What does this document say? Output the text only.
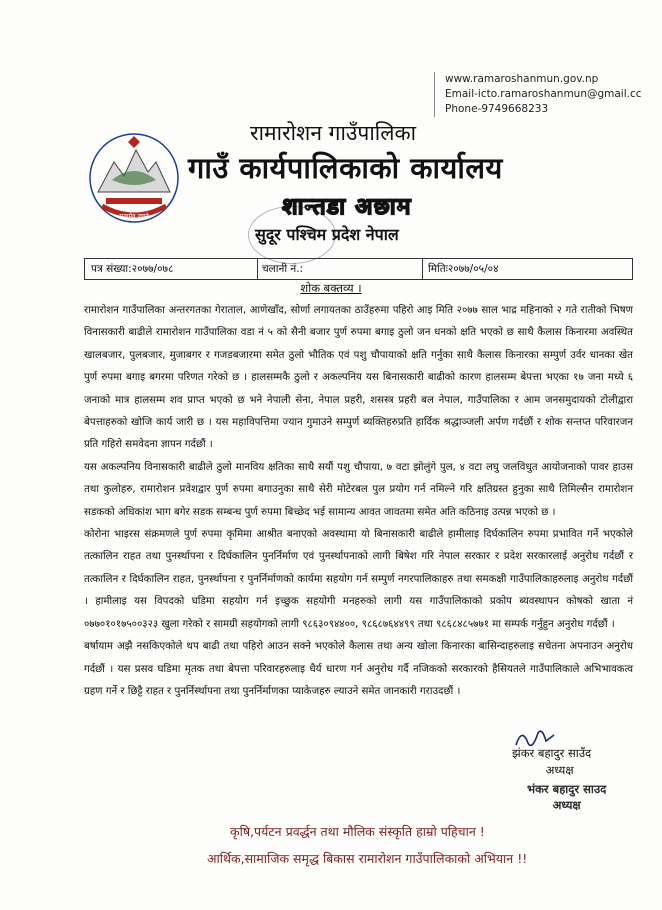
www.ramaroshanmun.gov.np
Email-icto.ramaroshanmun@gmail.cc
Phone-9749668233
सत्यमेव जयते
रामारोशन गाउँपालिका
गाउँ कार्यपालिकाको कार्यालय
शान्तडा अछाम
सुदूर पश्चिम प्रदेश नेपाल
पत्र संख्या:२०७७/०७८	चलानी नं.:	मितिः२०७७/०५/०४
शोक बक्तव्य ।

रामारोशन गाउँपालिका अन्तरगतका गेराताल, आणेखाँद, सोर्णा लगायतका ठाउँहरुमा पहिरो आइ मिति २०७७ साल भाद्र महिनाको २ गते रातीको भिषण विनासकारी बाढीले रामारोशन गाउँपालिका वडा नं ५ को सैनी बजार पुर्ण रुपमा बगाइ ठुलो जन धनको क्षति भएको छ साथै कैलास किनारमा अवस्थित खालबजार, पुलबजार, मुजाबगर र गजडबजारमा समेत ठुलो भौतिक एवं पशु चौपायाको क्षति गर्नुका साथै कैलास किनारका सम्पुर्ण उर्वर धानका खेत पुर्ण रुपमा बगाइ बगरमा परिणत गरेको छ । हालसम्मकै ठुलो र अकल्पनिय यस बिनासकारी बाढीको कारण हालसम्म बेपत्ता भएका १७ जना मध्ये ६ जनाको मात्र हालसम्म शव प्राप्त भएको छ भने नेपाली सेना, नेपाल प्रहरी, शसस्त्र प्रहरी बल नेपाल, गाउँपालिका र आम जनसमुदायको टोलीद्वारा बेपत्ताहरुको खोजि कार्य जारी छ । यस महाविपत्तिमा ज्यान गुमाउने सम्पुर्ण ब्यक्तिहरुप्रति हार्दिक श्रद्धाञ्जली अर्पण गर्दछौं र शोक सन्तप्त परिवारजन प्रति गहिरो समवेदना ज्ञापन गर्दछौं ।

यस अकल्पनिय विनासकारी बाढीले ठुलो मानविय क्षतिका साथै सयौं पशु चौपाया, ७ वटा झोलुंगे पुल, ४ वटा लघु जलविधुत आयोजनाको पावर हाउस तथा कुलोहरु, रामारोशन प्रवेशद्वार पुर्ण रुपमा बगाउनुका साथै सेरी मोटेरबल पुल प्रयोग गर्न नमिल्ने गरि क्षतिग्रस्त हुनुका साथै तिमिल्सैन रामारोशन सडकको अधिकांश भाग बगेर सडक सम्बन्ध पुर्ण रुपमा बिच्छेद भई सामान्य आवत जावतमा समेत अति कठिनाइ उत्पन्न भएको छ ।

कोरोना भाइरस संक्रमणले पुर्ण रुपमा कृमिमा आश्रीत बनाएको अवस्थामा यो बिनासकारी बाढीले हामीलाइ दिर्घकालिन रुपमा प्रभावित गर्ने भएकोले तत्कालिन राहत तथा पुनर्स्थापना र दिर्घकालिन पुनर्निर्माण एवं पुनर्स्थापनाको लागी बिषेश गरि नेपाल सरकार र प्रदेश सरकारलाई अनुरोध गर्दछौं र तत्कालिन र दिर्घकालिन राहत, पुनर्स्थापना र पुनर्निर्माणको कार्यमा सहयोग गर्न सम्पुर्ण नगरपालिकाहरु तथा समकक्षी गाउँपालिकाहरुलाइ अनुरोध गर्दछौं । हामीलाइ यस विपदको घडिमा सहयोग गर्न इच्छुक सहयोगी मनहरुको लागी यस गाउँपालिकाको प्रकोप ब्यवस्थापन कोषको खाता नं ०७७०१०१७५००३२३ खुला गरेको र सामग्री सहयोगको लागी ९८६३०९४४००, ९८६८७६४४९९ तथा ९८६८४८५७७१ मा सम्पर्क गर्नुहुन अनुरोध गर्दछौं ।

बर्षायाम अझै नसकिएकोले थप बाढी तथा पहिरो आउन सक्ने भएकोले कैलास तथा अन्य खोला किनारका बासिन्दाहरुलाइ सचेतना अपनाउन अनुरोध गर्दछौं । यस प्रसव घडिमा मृतक तथा बेपत्ता परिवारहरुलाइ धैर्य धारण गर्न अनुरोध गर्दै नजिकको सरकारको हैसियतले गाउँपालिकाले अभिभावकत्व ग्रहण गर्ने र छिट्टै राहत र पुनर्निर्स्थापना तथा पुनर्निर्माणका प्याकेजहरु ल्याउने समेत जानकारी गराउदछौं ।

झंकर बहादुर साउँद
अध्यक्ष
भंकर बहादुर साउद
अध्यक्ष
कृषि,पर्यटन प्रवर्द्धन तथा मौलिक संस्कृति हाम्रो पहिचान !
आर्थिक,सामाजिक समृद्ध बिकास रामारोशन गाउँपालिकाको अभियान !!
